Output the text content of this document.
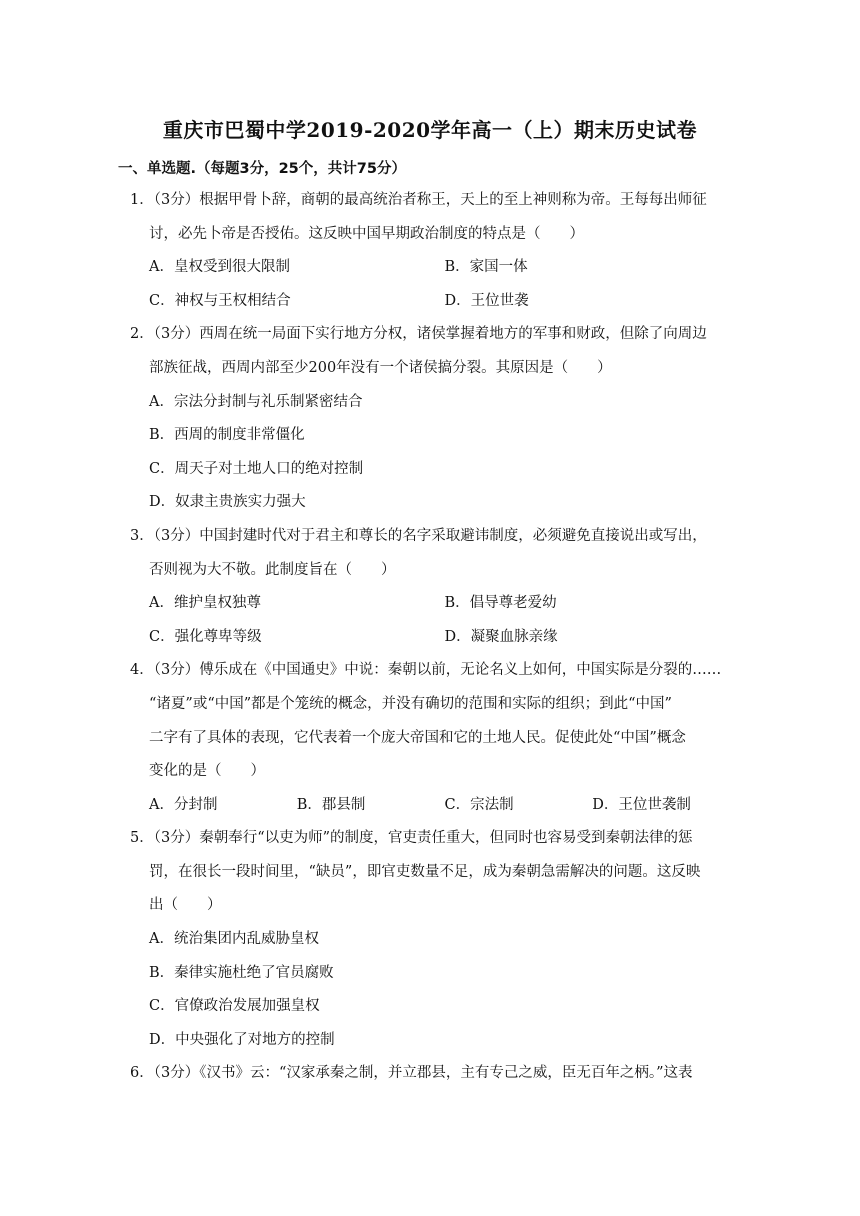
重庆市巴蜀中学2019-2020学年高一（上）期末历史试卷
一、单选题.（每题3分，25个，共计75分）
1．（3分）根据甲骨卜辞，商朝的最高统治者称王，天上的至上神则称为帝。王每每出师征
讨，必先卜帝是否授佑。这反映中国早期政治制度的特点是（　　）
A．皇权受到很大限制	B．家国一体
C．神权与王权相结合	D．王位世袭
2．（3分）西周在统一局面下实行地方分权，诸侯掌握着地方的军事和财政，但除了向周边
部族征战，西周内部至少200年没有一个诸侯搞分裂。其原因是（　　）
A．宗法分封制与礼乐制紧密结合
B．西周的制度非常僵化
C．周天子对土地人口的绝对控制
D．奴隶主贵族实力强大
3．（3分）中国封建时代对于君主和尊长的名字采取避讳制度，必须避免直接说出或写出，
否则视为大不敬。此制度旨在（　　）
A．维护皇权独尊	B．倡导尊老爱幼
C．强化尊卑等级	D．凝聚血脉亲缘
4．（3分）傅乐成在《中国通史》中说：秦朝以前，无论名义上如何，中国实际是分裂的……
“诸夏”或“中国”都是个笼统的概念，并没有确切的范围和实际的组织；到此“中国”
二字有了具体的表现，它代表着一个庞大帝国和它的土地人民。促使此处“中国”概念
变化的是（　　）
A．分封制	B．郡县制	C．宗法制	D．王位世袭制
5．（3分）秦朝奉行“以吏为师”的制度，官吏责任重大，但同时也容易受到秦朝法律的惩
罚，在很长一段时间里，“缺员”，即官吏数量不足，成为秦朝急需解决的问题。这反映
出（　　）
A．统治集团内乱威胁皇权
B．秦律实施杜绝了官员腐败
C．官僚政治发展加强皇权
D．中央强化了对地方的控制
6．（3分）《汉书》云：“汉家承秦之制，并立郡县，主有专己之威，臣无百年之柄。”这表
